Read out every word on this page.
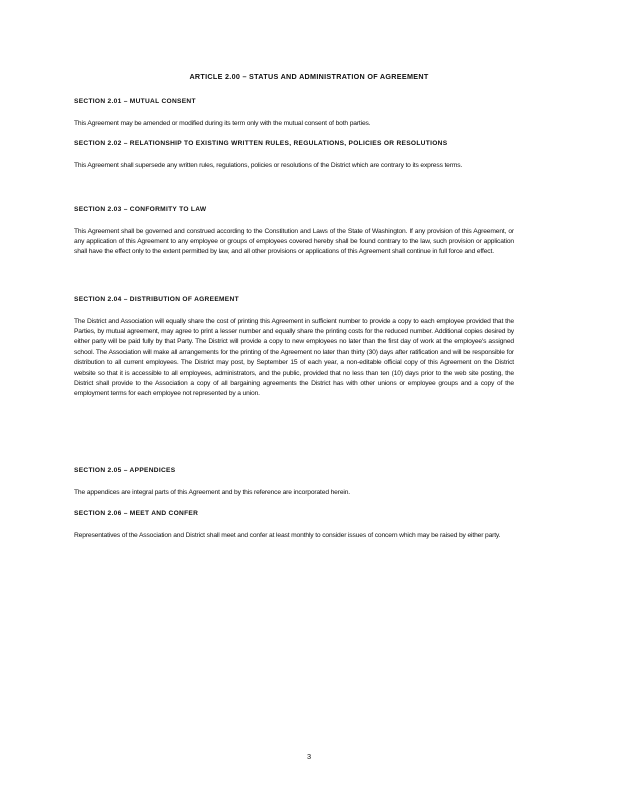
ARTICLE 2.00 – STATUS AND ADMINISTRATION OF AGREEMENT
SECTION 2.01 – MUTUAL CONSENT
This Agreement may be amended or modified during its term only with the mutual consent of both parties.
SECTION 2.02 – RELATIONSHIP TO EXISTING WRITTEN RULES, REGULATIONS, POLICIES OR RESOLUTIONS
This Agreement shall supersede any written rules, regulations, policies or resolutions of the District which are contrary to its express terms.
SECTION 2.03 – CONFORMITY TO LAW
This Agreement shall be governed and construed according to the Constitution and Laws of the State of Washington. If any provision of this Agreement, or any application of this Agreement to any employee or groups of employees covered hereby shall be found contrary to the law, such provision or application shall have the effect only to the extent permitted by law, and all other provisions or applications of this Agreement shall continue in full force and effect.
SECTION 2.04 – DISTRIBUTION OF AGREEMENT
The District and Association will equally share the cost of printing this Agreement in sufficient number to provide a copy to each employee provided that the Parties, by mutual agreement, may agree to print a lesser number and equally share the printing costs for the reduced number. Additional copies desired by either party will be paid fully by that Party. The District will provide a copy to new employees no later than the first day of work at the employee's assigned school. The Association will make all arrangements for the printing of the Agreement no later than thirty (30) days after ratification and will be responsible for distribution to all current employees. The District may post, by September 15 of each year, a non-editable official copy of this Agreement on the District website so that it is accessible to all employees, administrators, and the public, provided that no less than ten (10) days prior to the web site posting, the District shall provide to the Association a copy of all bargaining agreements the District has with other unions or employee groups and a copy of the employment terms for each employee not represented by a union.
SECTION 2.05 – APPENDICES
The appendices are integral parts of this Agreement and by this reference are incorporated herein.
SECTION 2.06 – MEET AND CONFER
Representatives of the Association and District shall meet and confer at least monthly to consider issues of concern which may be raised by either party.
3
